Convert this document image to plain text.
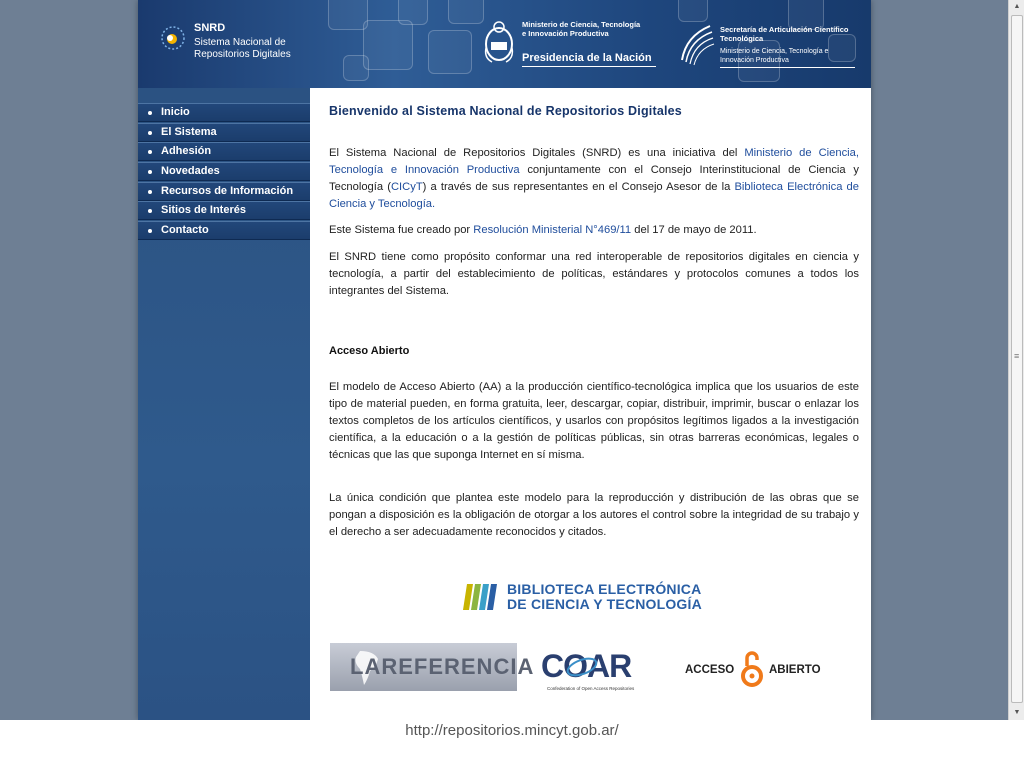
SNRD
Sistema Nacional de Repositorios Digitales
Ministerio de Ciencia, Tecnología e Innovación Productiva
Presidencia de la Nación
Secretaría de Articulación Científico Tecnológica
Ministerio de Ciencia, Tecnología e Innovación Productiva
Inicio
El Sistema
Adhesión
Novedades
Recursos de Información
Sitios de Interés
Contacto
Bienvenido al Sistema Nacional de Repositorios Digitales

El Sistema Nacional de Repositorios Digitales (SNRD) es una iniciativa del Ministerio de Ciencia, Tecnología e Innovación Productiva conjuntamente con el Consejo Interinstitucional de Ciencia y Tecnología (CICyT) a través de sus representantes en el Consejo Asesor de la Biblioteca Electrónica de Ciencia y Tecnología.

Este Sistema fue creado por Resolución Ministerial N°469/11 del 17 de mayo de 2011.

El SNRD tiene como propósito conformar una red interoperable de repositorios digitales en ciencia y tecnología, a partir del establecimiento de políticas, estándares y protocolos comunes a todos los integrantes del Sistema.

Acceso Abierto

El modelo de Acceso Abierto (AA) a la producción científico-tecnológica implica que los usuarios de este tipo de material pueden, en forma gratuita, leer, descargar, copiar, distribuir, imprimir, buscar o enlazar los textos completos de los artículos científicos, y usarlos con propósitos legítimos ligados a la investigación científica, a la educación o a la gestión de políticas públicas, sin otras barreras económicas, legales o técnicas que las que suponga Internet en sí misma.

La única condición que plantea este modelo para la reproducción y distribución de las obras que se pongan a disposición es la obligación de otorgar a los autores el control sobre la integridad de su trabajo y el derecho a ser adecuadamente reconocidos y citados.

BIBLIOTECA ELECTRÓNICA
DE CIENCIA Y TECNOLOGÍA
LAREFERENCIA COAR
Confederation of Open Access Repositories
ACCESO	ABIERTO
▲
≡
▼
http://repositorios.mincyt.gob.ar/
